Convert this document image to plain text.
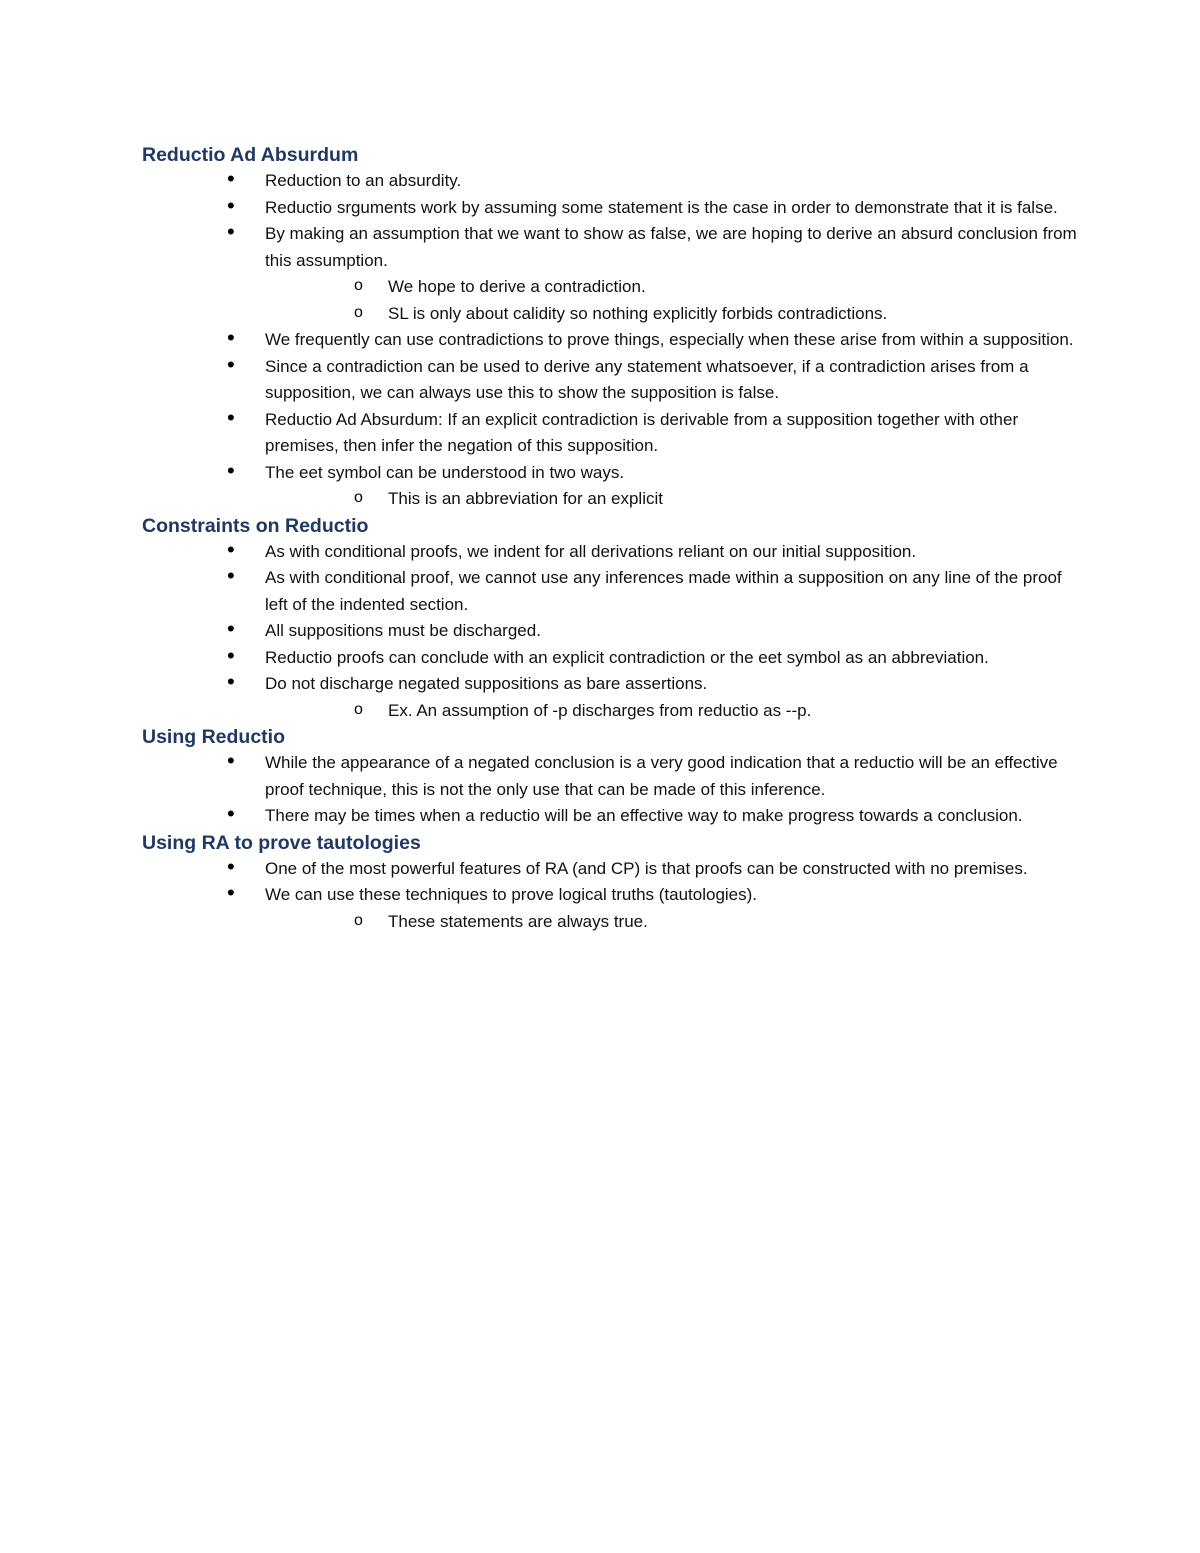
Reductio Ad Absurdum
• Reduction to an absurdity.
• Reductio srguments work by assuming some statement is the case in order to demonstrate that it is false.
• By making an assumption that we want to show as false, we are hoping to derive an absurd conclusion from this assumption.
o We hope to derive a contradiction.
o SL is only about calidity so nothing explicitly forbids contradictions.
• We frequently can use contradictions to prove things, especially when these arise from within a supposition.
• Since a contradiction can be used to derive any statement whatsoever, if a contradiction arises from a supposition, we can always use this to show the supposition is false.
• Reductio Ad Absurdum: If an explicit contradiction is derivable from a supposition together with other premises, then infer the negation of this supposition.
• The eet symbol can be understood in two ways.
o This is an abbreviation for an explicit
Constraints on Reductio
• As with conditional proofs, we indent for all derivations reliant on our initial supposition.
• As with conditional proof, we cannot use any inferences made within a supposition on any line of the proof left of the indented section.
• All suppositions must be discharged.
• Reductio proofs can conclude with an explicit contradiction or the eet symbol as an abbreviation.
• Do not discharge negated suppositions as bare assertions.
o Ex. An assumption of -p discharges from reductio as --p.
Using Reductio
• While the appearance of a negated conclusion is a very good indication that a reductio will be an effective proof technique, this is not the only use that can be made of this inference.
• There may be times when a reductio will be an effective way to make progress towards a conclusion.
Using RA to prove tautologies
• One of the most powerful features of RA (and CP) is that proofs can be constructed with no premises.
• We can use these techniques to prove logical truths (tautologies).
o These statements are always true.
